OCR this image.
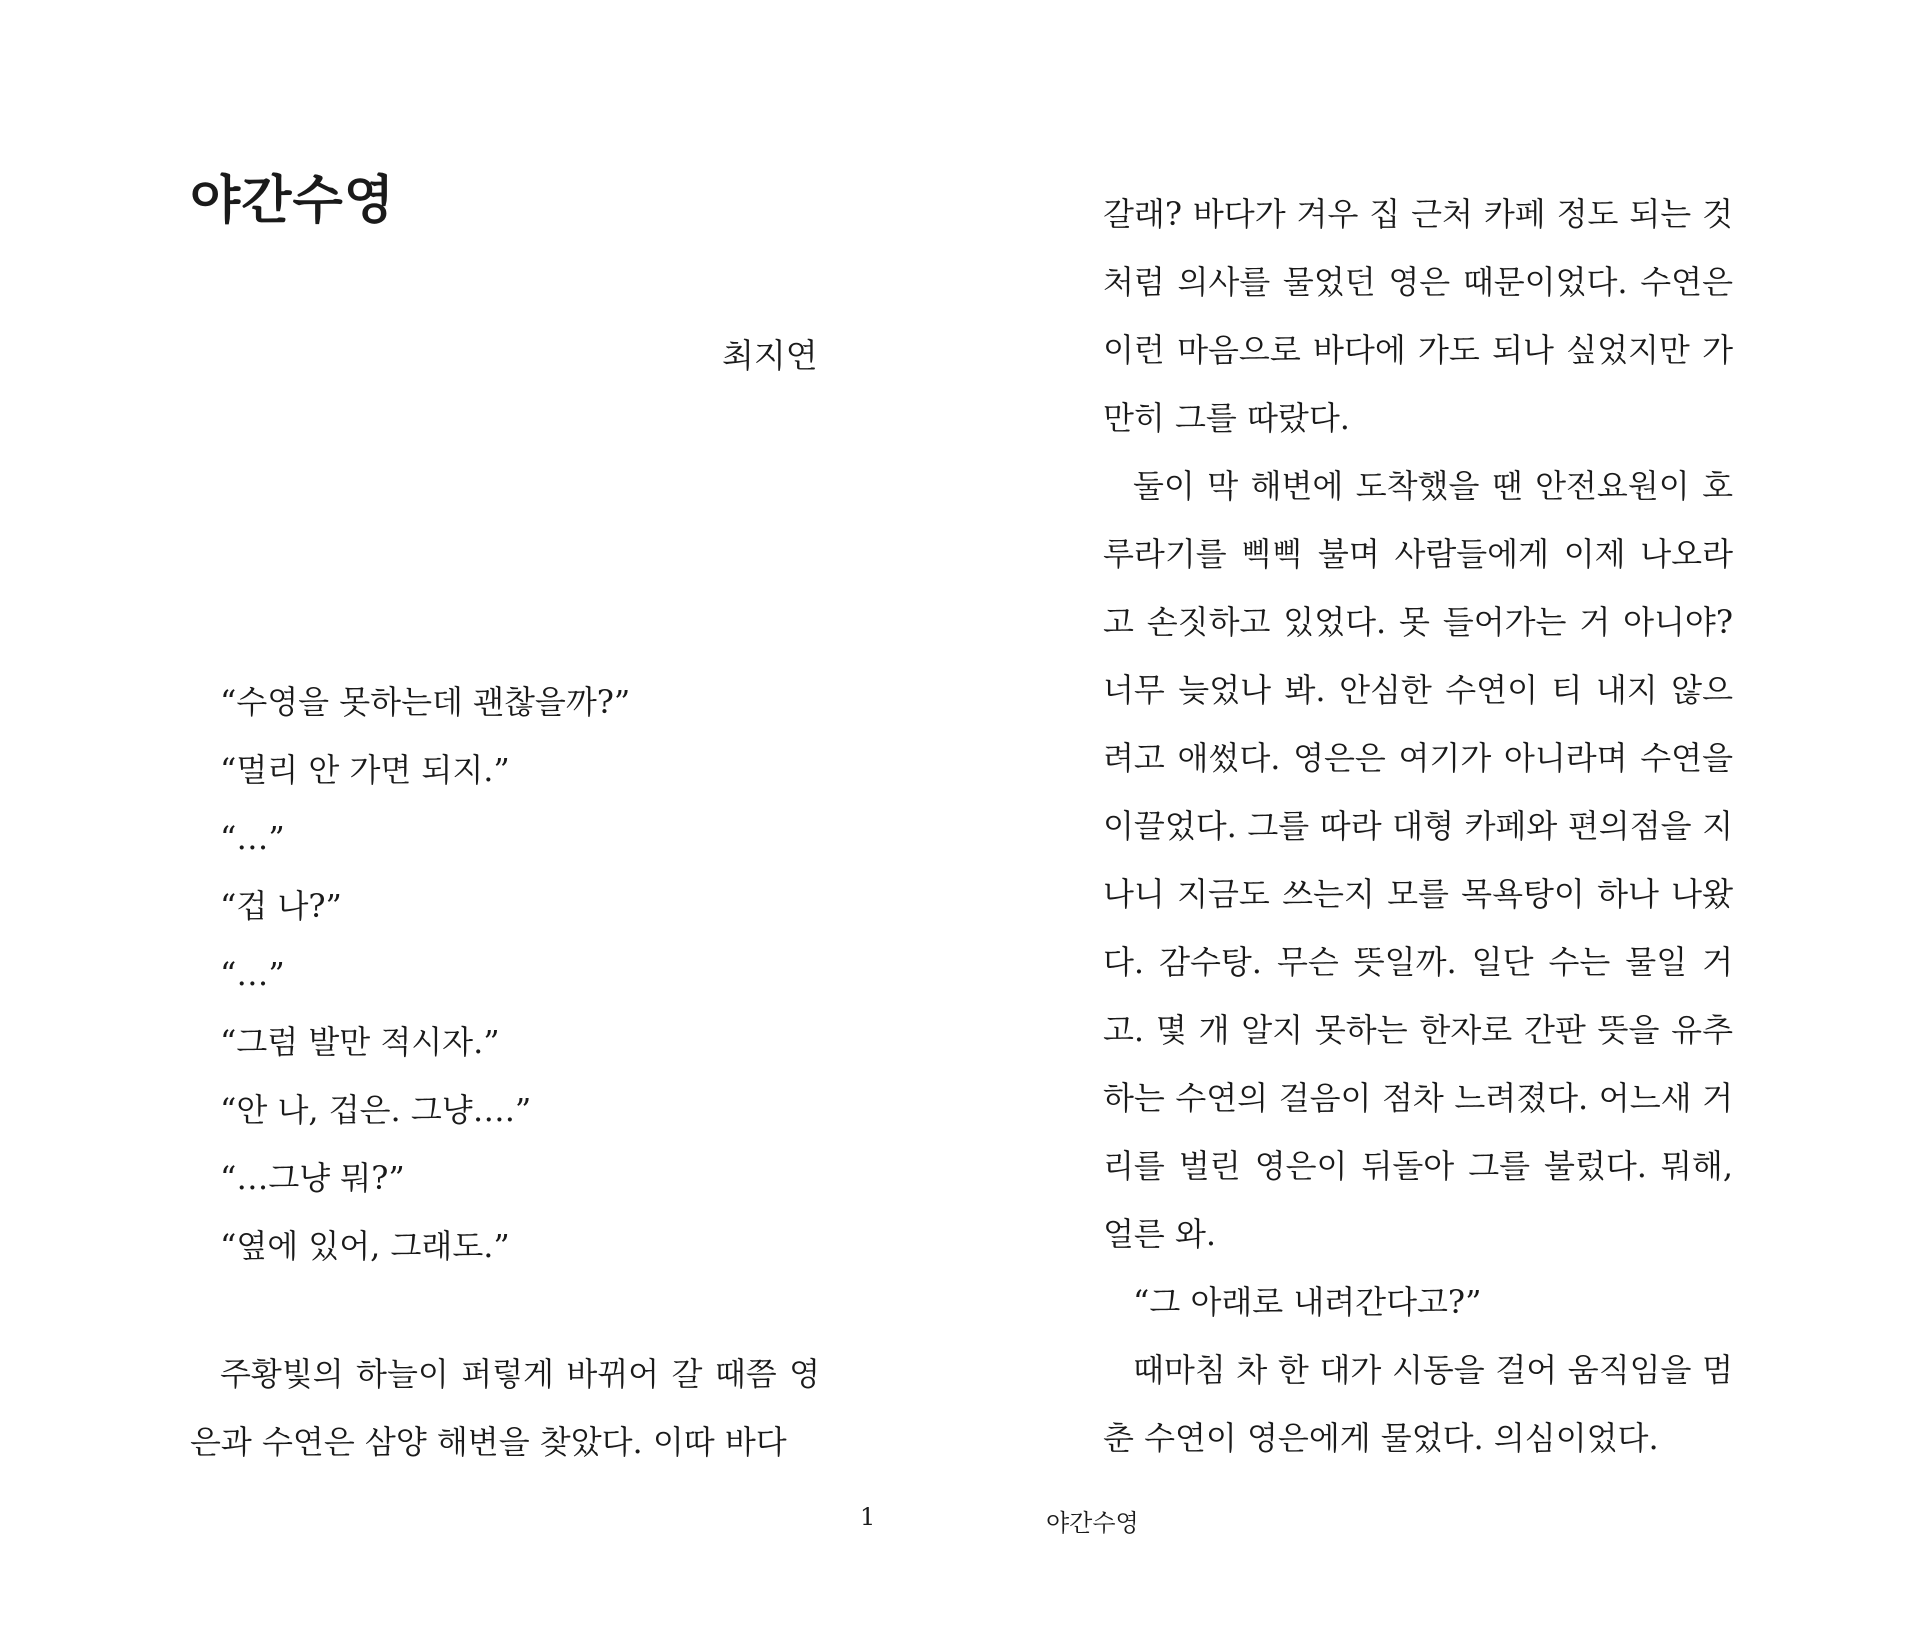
야간수영

최지연

“수영을 못하는데 괜찮을까?”
“멀리 안 가면 되지.”
“…”
“겁 나?”
“…”
“그럼 발만 적시자.”
“안 나, 겁은. 그냥….”
“…그냥 뭐?”
“옆에 있어, 그래도.”

주황빛의 하늘이 퍼렇게 바뀌어 갈 때쯤 영은과 수연은 삼양 해변을 찾았다. 이따 바다

갈래? 바다가 겨우 집 근처 카페 정도 되는 것처럼 의사를 물었던 영은 때문이었다. 수연은 이런 마음으로 바다에 가도 되나 싶었지만 가만히 그를 따랐다.

둘이 막 해변에 도착했을 땐 안전요원이 호루라기를 삑삑 불며 사람들에게 이제 나오라고 손짓하고 있었다. 못 들어가는 거 아니야? 너무 늦었나 봐. 안심한 수연이 티 내지 않으려고 애썼다. 영은은 여기가 아니라며 수연을 이끌었다. 그를 따라 대형 카페와 편의점을 지나니 지금도 쓰는지 모를 목욕탕이 하나 나왔다. 감수탕. 무슨 뜻일까. 일단 수는 물일 거고. 몇 개 알지 못하는 한자로 간판 뜻을 유추하는 수연의 걸음이 점차 느려졌다. 어느새 거리를 벌린 영은이 뒤돌아 그를 불렀다. 뭐해, 얼른 와.

“그 아래로 내려간다고?”

때마침 차 한 대가 시동을 걸어 움직임을 멈춘 수연이 영은에게 물었다. 의심이었다.

1	야간수영
